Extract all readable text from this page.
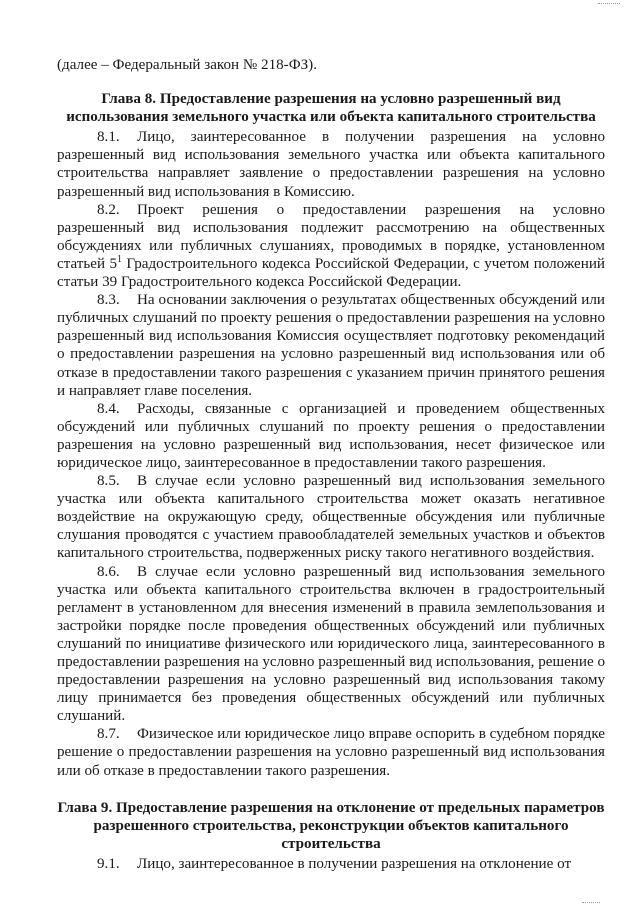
(далее – Федеральный закон № 218-ФЗ).

Глава 8. Предоставление разрешения на условно разрешенный вид использования земельного участка или объекта капитального строительства

8.1. Лицо, заинтересованное в получении разрешения на условно разрешенный вид использования земельного участка или объекта капитального строительства направляет заявление о предоставлении разрешения на условно разрешенный вид использования в Комиссию.

8.2. Проект решения о предоставлении разрешения на условно разрешенный вид использования подлежит рассмотрению на общественных обсуждениях или публичных слушаниях, проводимых в порядке, установленном статьей $5^1$ Градостроительного кодекса Российской Федерации, с учетом положений статьи 39 Градостроительного кодекса Российской Федерации.

8.3. На основании заключения о результатах общественных обсуждений или публичных слушаний по проекту решения о предоставлении разрешения на условно разрешенный вид использования Комиссия осуществляет подготовку рекомендаций о предоставлении разрешения на условно разрешенный вид использования или об отказе в предоставлении такого разрешения с указанием причин принятого решения и направляет главе поселения.

8.4. Расходы, связанные с организацией и проведением общественных обсуждений или публичных слушаний по проекту решения о предоставлении разрешения на условно разрешенный вид использования, несет физическое или юридическое лицо, заинтересованное в предоставлении такого разрешения.

8.5. В случае если условно разрешенный вид использования земельного участка или объекта капитального строительства может оказать негативное воздействие на окружающую среду, общественные обсуждения или публичные слушания проводятся с участием правообладателей земельных участков и объектов капитального строительства, подверженных риску такого негативного воздействия.

8.6. В случае если условно разрешенный вид использования земельного участка или объекта капитального строительства включен в градостроительный регламент в установленном для внесения изменений в правила землепользования и застройки порядке после проведения общественных обсуждений или публичных слушаний по инициативе физического или юридического лица, заинтересованного в предоставлении разрешения на условно разрешенный вид использования, решение о предоставлении разрешения на условно разрешенный вид использования такому лицу принимается без проведения общественных обсуждений или публичных слушаний.

8.7. Физическое или юридическое лицо вправе оспорить в судебном порядке решение о предоставлении разрешения на условно разрешенный вид использования или об отказе в предоставлении такого разрешения.

Глава 9. Предоставление разрешения на отклонение от предельных параметров разрешенного строительства, реконструкции объектов капитального строительства

9.1. Лицо, заинтересованное в получении разрешения на отклонение от
